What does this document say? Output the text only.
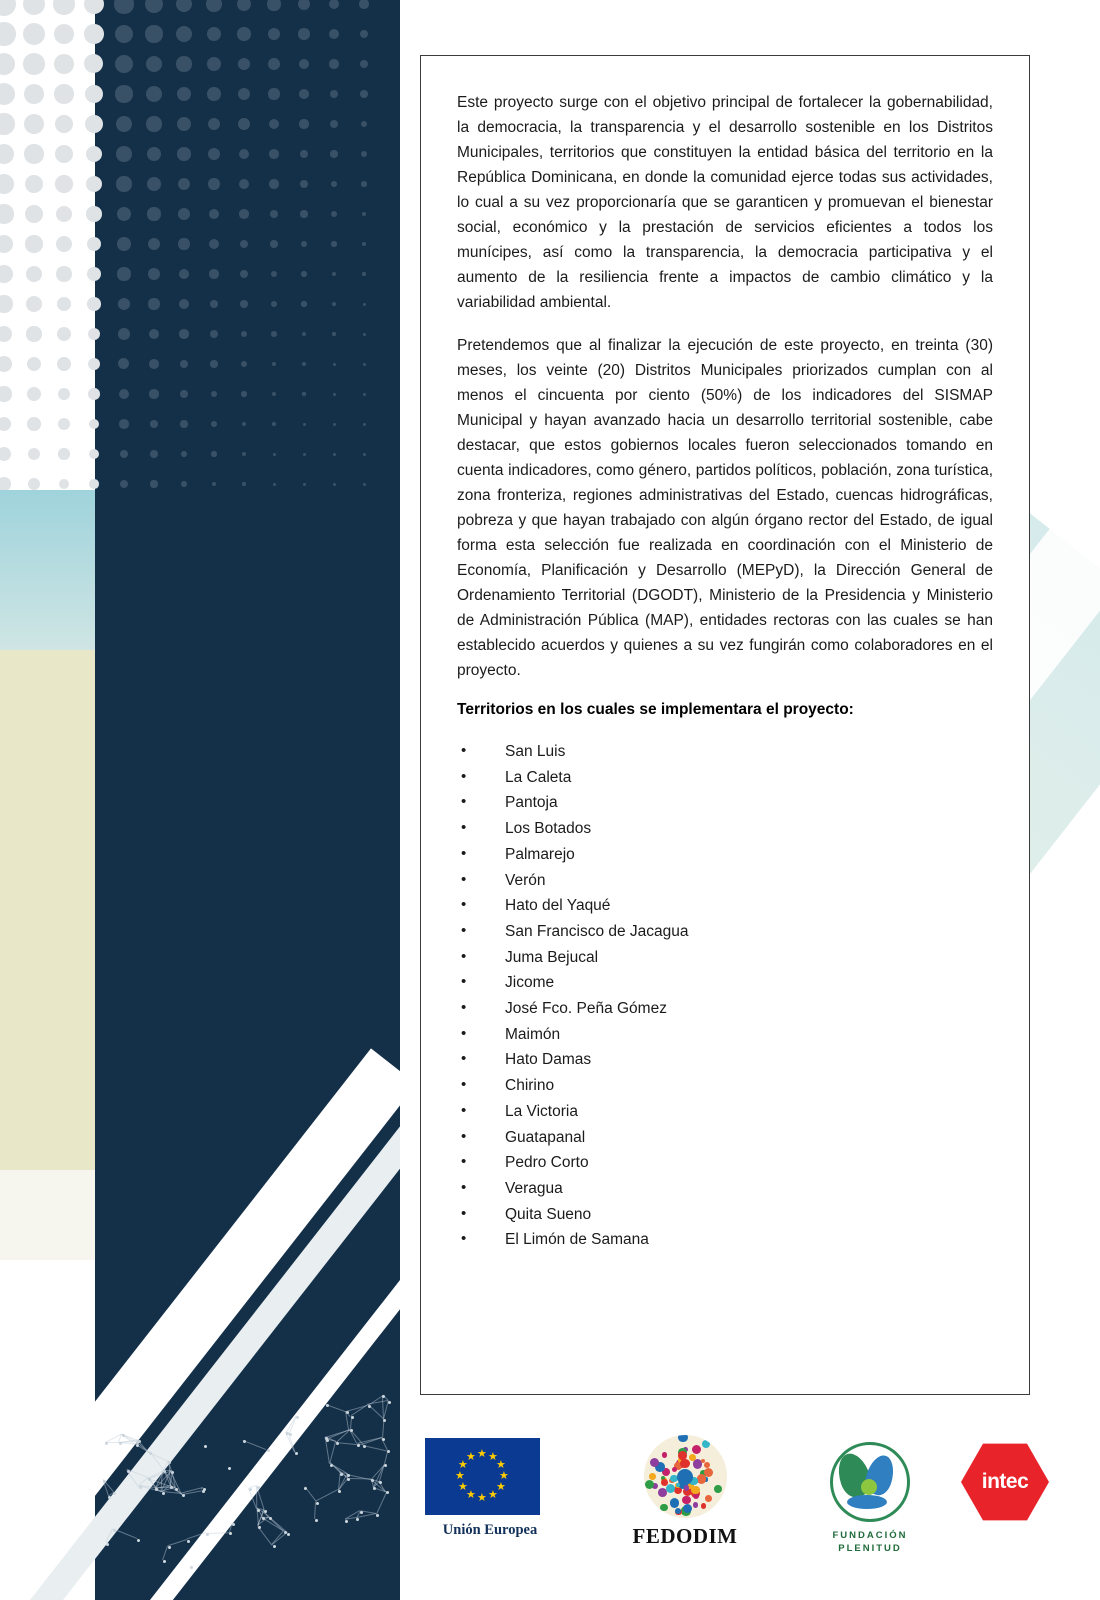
Este proyecto surge con el objetivo principal de fortalecer la gobernabilidad, la democracia, la transparencia y el desarrollo sostenible en los Distritos Municipales, territorios que constituyen la entidad básica del territorio en la República Dominicana, en donde la comunidad ejerce todas sus actividades, lo cual a su vez proporcionaría que se garanticen y promuevan el bienestar social, económico y la prestación de servicios eficientes a todos los munícipes, así como la transparencia, la democracia participativa y el aumento de la resiliencia frente a impactos de cambio climático y la variabilidad ambiental.

Pretendemos que al finalizar la ejecución de este proyecto, en treinta (30) meses, los veinte (20) Distritos Municipales priorizados cumplan con al menos el cincuenta por ciento (50%) de los indicadores del SISMAP Municipal y hayan avanzado hacia un desarrollo territorial sostenible, cabe destacar, que estos gobiernos locales fueron seleccionados tomando en cuenta indicadores, como género, partidos políticos, población, zona turística, zona fronteriza, regiones administrativas del Estado, cuencas hidrográficas, pobreza y que hayan trabajado con algún órgano rector del Estado, de igual forma esta selección fue realizada en coordinación con el Ministerio de Economía, Planificación y Desarrollo (MEPyD), la Dirección General de Ordenamiento Territorial (DGODT), Ministerio de la Presidencia y Ministerio de Administración Pública (MAP), entidades rectoras con las cuales se han establecido acuerdos y quienes a su vez fungirán como colaboradores en el proyecto.

Territorios en los cuales se implementara el proyecto:
• San Luis
• La Caleta
• Pantoja
• Los Botados
• Palmarejo
• Verón
• Hato del Yaqué
• San Francisco de Jacagua
• Juma Bejucal
• Jicome
• José Fco. Peña Gómez
• Maimón
• Hato Damas
• Chirino
• La Victoria
• Guatapanal
• Pedro Corto
• Veragua
• Quita Sueno
• El Limón de Samana
★ ★
★
★
★
★
★
★
★
★
★
★
Unión Europea	FEDODIM	FUNDACIÓN
PLENITUD
intec
